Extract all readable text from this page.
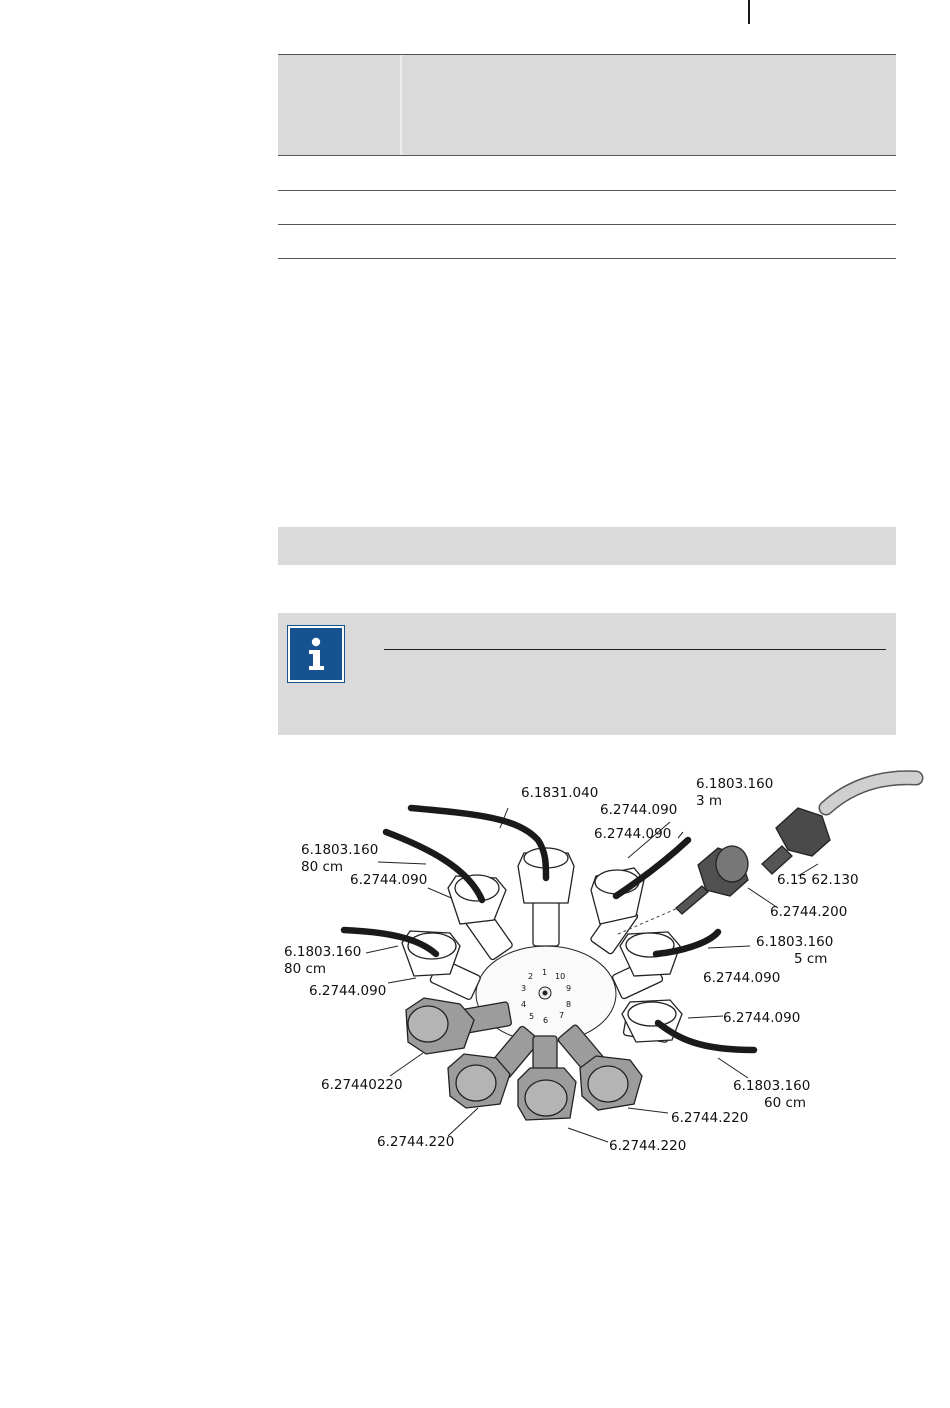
1
2
3
4
5 6
7
8
9
10
6.1831.040
6.1803.160
3 m
6.2744.090
6.2744.090
6.1803.160
80 cm
6.2744.090	6.15 62.130
6.2744.200
6.1803.160
80 cm
6.1803.160
5 cm
6.2744.090
6.2744.090
6.2744.090
6.1803.160
60 cm
6.27440220
6.2744.220
6.2744.220	6.2744.220
